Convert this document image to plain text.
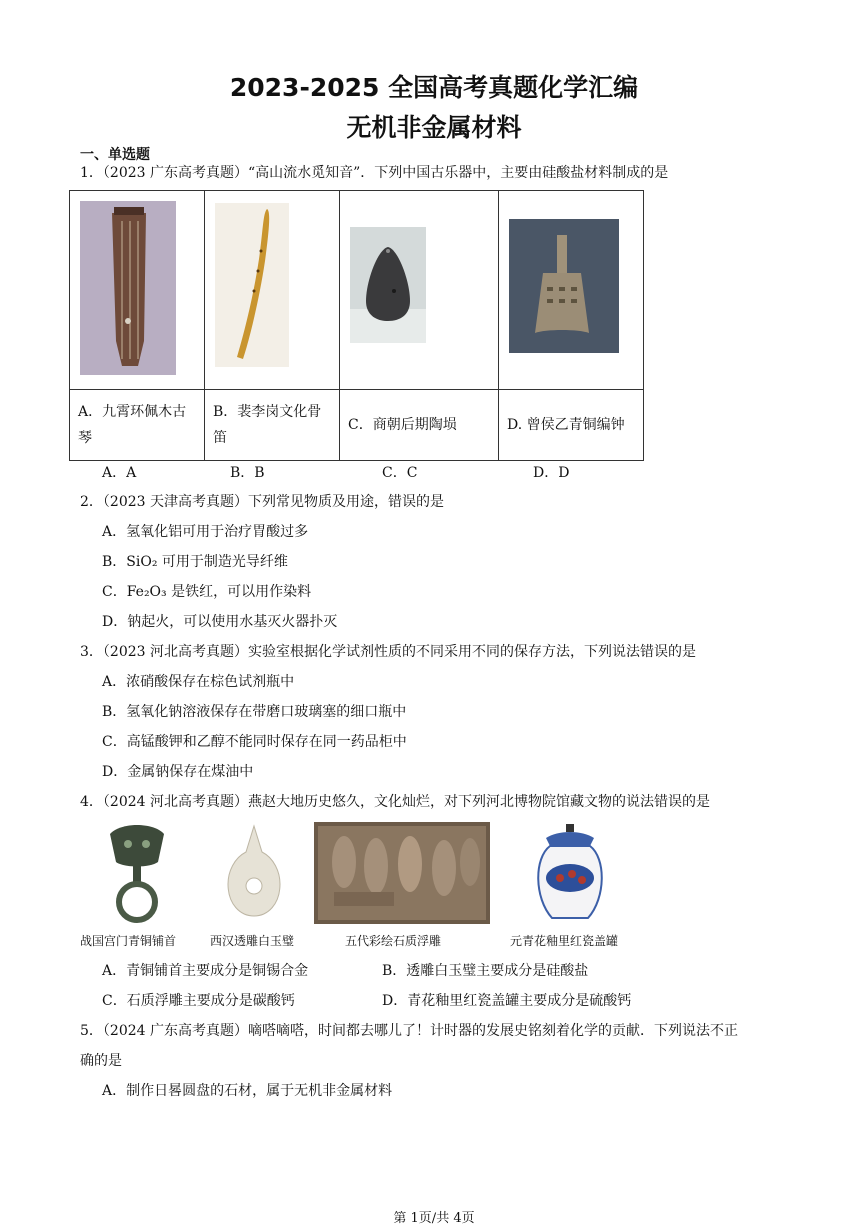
2023-2025 全国高考真题化学汇编
无机非金属材料
一、单选题
1．（2023 广东高考真题）“高山流水觅知音”．下列中国古乐器中，主要由硅酸盐材料制成的是

A．九霄环佩木古琴	B．裴李岗文化骨笛	C．商朝后期陶埙	D. 曾侯乙青铜编钟
A．A	B．B	C．C	D．D
2．（2023 天津高考真题）下列常见物质及用途，错误的是
A．氢氧化铝可用于治疗胃酸过多
B．SiO₂ 可用于制造光导纤维
C．Fe₂O₃ 是铁红，可以用作染料
D．钠起火，可以使用水基灭火器扑灭
3．（2023 河北高考真题）实验室根据化学试剂性质的不同采用不同的保存方法，下列说法错误的是
A．浓硝酸保存在棕色试剂瓶中
B．氢氧化钠溶液保存在带磨口玻璃塞的细口瓶中
C．高锰酸钾和乙醇不能同时保存在同一药品柜中
D．金属钠保存在煤油中
4．（2024 河北高考真题）燕赵大地历史悠久，文化灿烂，对下列河北博物院馆藏文物的说法错误的是
战国宫门青铜铺首	西汉透雕白玉璧	五代彩绘石质浮雕	元青花釉里红瓷盖罐
A．青铜铺首主要成分是铜锡合金	B．透雕白玉璧主要成分是硅酸盐
C．石质浮雕主要成分是碳酸钙	D．青花釉里红瓷盖罐主要成分是硫酸钙
5．（2024 广东高考真题）嘀嗒嘀嗒，时间都去哪儿了！计时器的发展史铭刻着化学的贡献．下列说法不正
确的是
A．制作日晷圆盘的石材，属于无机非金属材料
第 1页/共 4页
